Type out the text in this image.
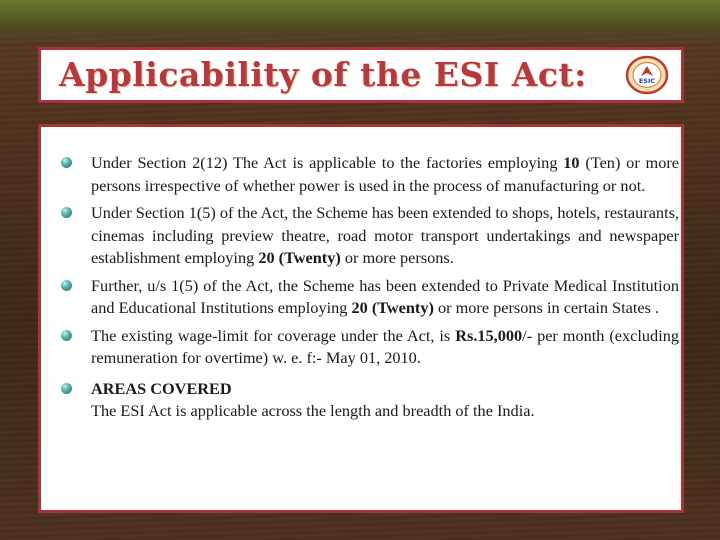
Applicability of the ESI Act:	ESIC
Under Section 2(12) The Act is applicable to the factories employing 10 (Ten) or more persons irrespective of whether power is used in the process of manufacturing or not.
Under Section 1(5) of the Act, the Scheme has been extended to shops, hotels, restaurants, cinemas including preview theatre, road motor transport undertakings and newspaper establishment employing 20 (Twenty) or more persons.
Further, u/s 1(5) of the Act, the Scheme has been extended to Private Medical Institution and Educational Institutions employing 20 (Twenty) or more persons in certain States .
The existing wage-limit for coverage under the Act, is Rs.15,000/- per month (excluding remuneration for overtime) w. e. f:- May 01, 2010.
AREAS COVERED
The ESI Act is applicable across the length and breadth of the India.
